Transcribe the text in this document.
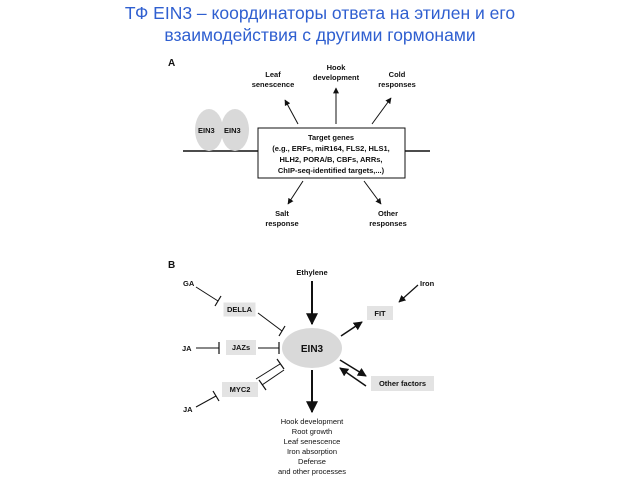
ТФ EIN3 – координаторы ответа на этилен и его
взаимодействия с другими гормонами
A
EIN3 EIN3
Target genes
(e.g., ERFs, miR164, FLS2, HLS1,
HLH2, PORA/B, CBFs, ARRs,
ChIP-seq-identified targets,...)
Leaf
senescence
Hook
development	Cold
responses
Salt
response
Other
responses
B
Ethylene
EIN3
GA
DELLA
JA	JAZs
MYC2
JA
FIT
Iron
Other factors
Hook development
Root growth
Leaf senescence
Iron absorption
Defense
and other processes
